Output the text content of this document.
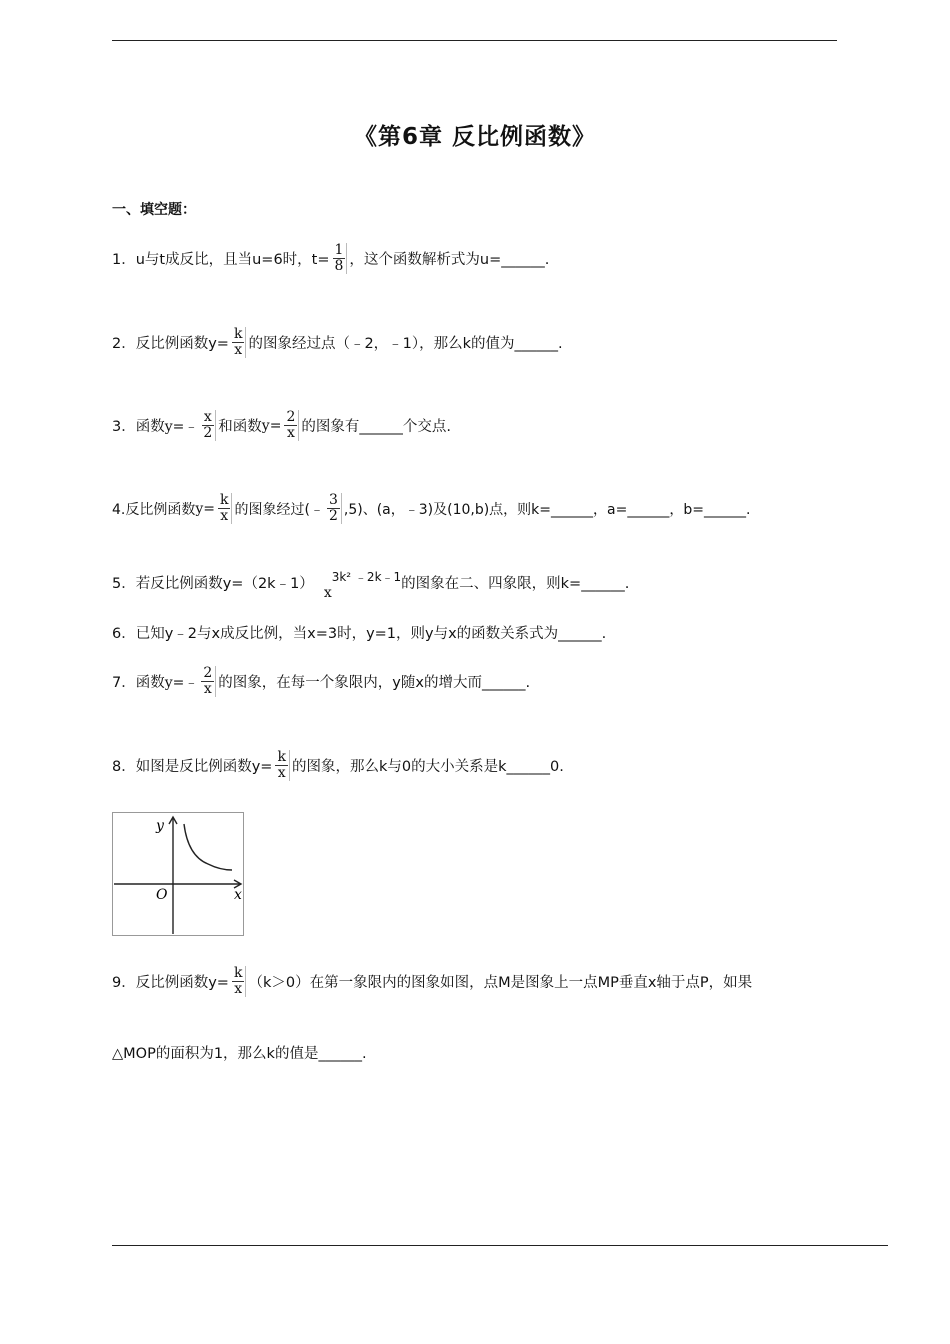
《第6章 反比例函数》
一、填空题：
1．u与t成反比，且当u=6时，$t= \frac{1}{8}$ ，这个函数解析式为u=______.
2．反比例函数$y= \frac{k}{x}$ 的图象经过点（﹣2，﹣1），那么k的值为______.
3．函数 y=﹣ $\frac{x}{2}$ 和函数 $y= \frac{2}{x}$ 的图象有______个交点.
4.反比例函数 $y= \frac{k}{x}$ 的图象经过(﹣ $\frac{3}{2} ,5$)、(a，﹣3)及(10,b)点，则k=______，a=______，b=______.
5．若反比例函数y=（2k﹣1）
x
3k² ﹣2k﹣1 的图象在二、四象限，则k=______.
6．已知y﹣2与x成反比例，当x=3时，y=1，则y与x的函数关系式为______.
7．函数 y=﹣ $\frac{2}{x}$ 的图象，在每一个象限内，y随x的增大而______.
8．如图是反比例函数$y= \frac{k}{x}$ 的图象，那么k与0的大小关系是k______0.
y
x
O
9．反比例函数$y= \frac{k}{x} (k>0)$在第一象限内的图象如图，点M是图象上一点MP垂直x轴于点P，如果
△MOP的面积为1，那么k的值是______.
